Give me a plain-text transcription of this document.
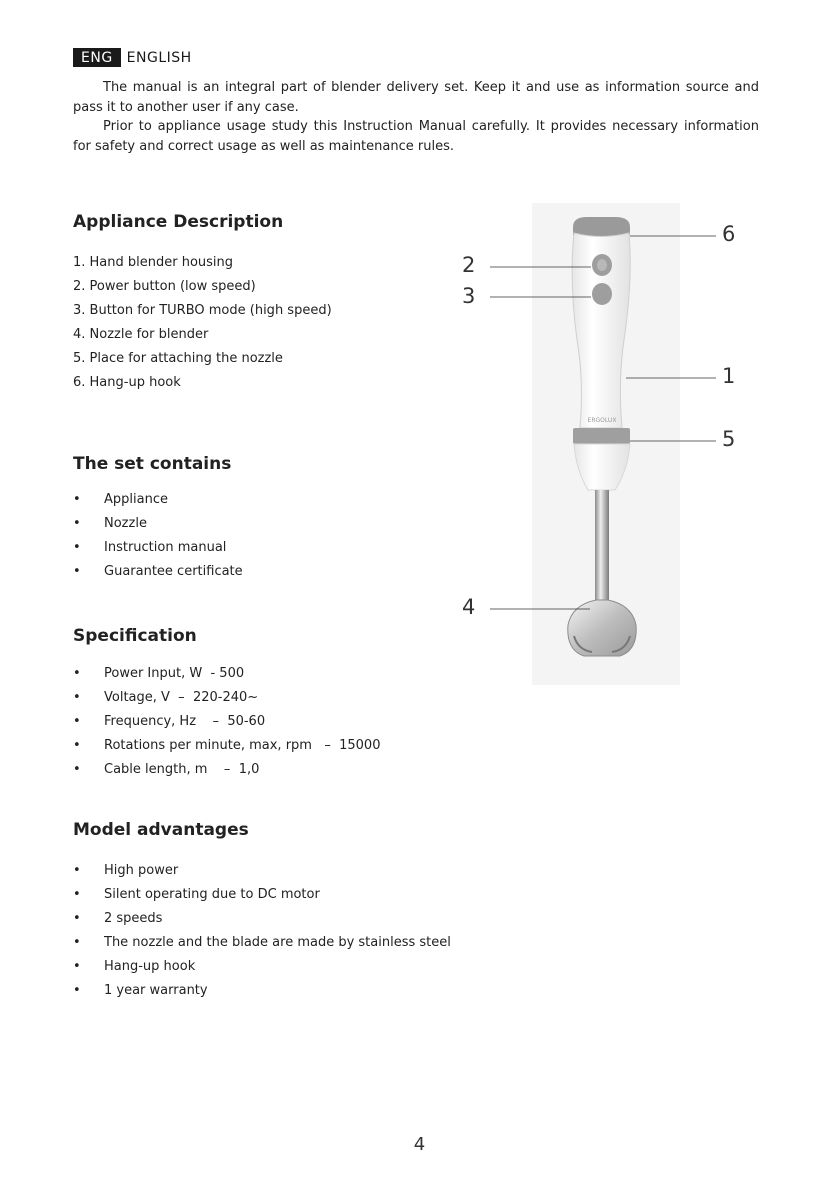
ENG	ENGLISH

The manual is an integral part of blender delivery set. Keep it and use as information source and pass it to another user if any case.

Prior to appliance usage study this Instruction Manual carefully. It provides necessary information for safety and correct usage as well as maintenance rules.

Appliance Description
1. Hand blender housing
2. Power button (low speed)
3. Button for TURBO mode (high speed)
4. Nozzle for blender
5. Place for attaching the nozzle
6. Hang-up hook
The set contains
• Appliance
• Nozzle
• Instruction manual
• Guarantee certificate
Specification
• Power Input, W  - 500
• Voltage, V  –  220-240~
• Frequency, Hz    –  50-60
• Rotations per minute, max, rpm   –  15000
• Cable length, m    –  1,0
Model advantages
• High power
• Silent operating due to DC motor
• 2 speeds
• The nozzle and the blade are made by stainless steel
• Hang-up hook
• 1 year warranty
ERGOLUX
6
2
3
1
5
4
4
